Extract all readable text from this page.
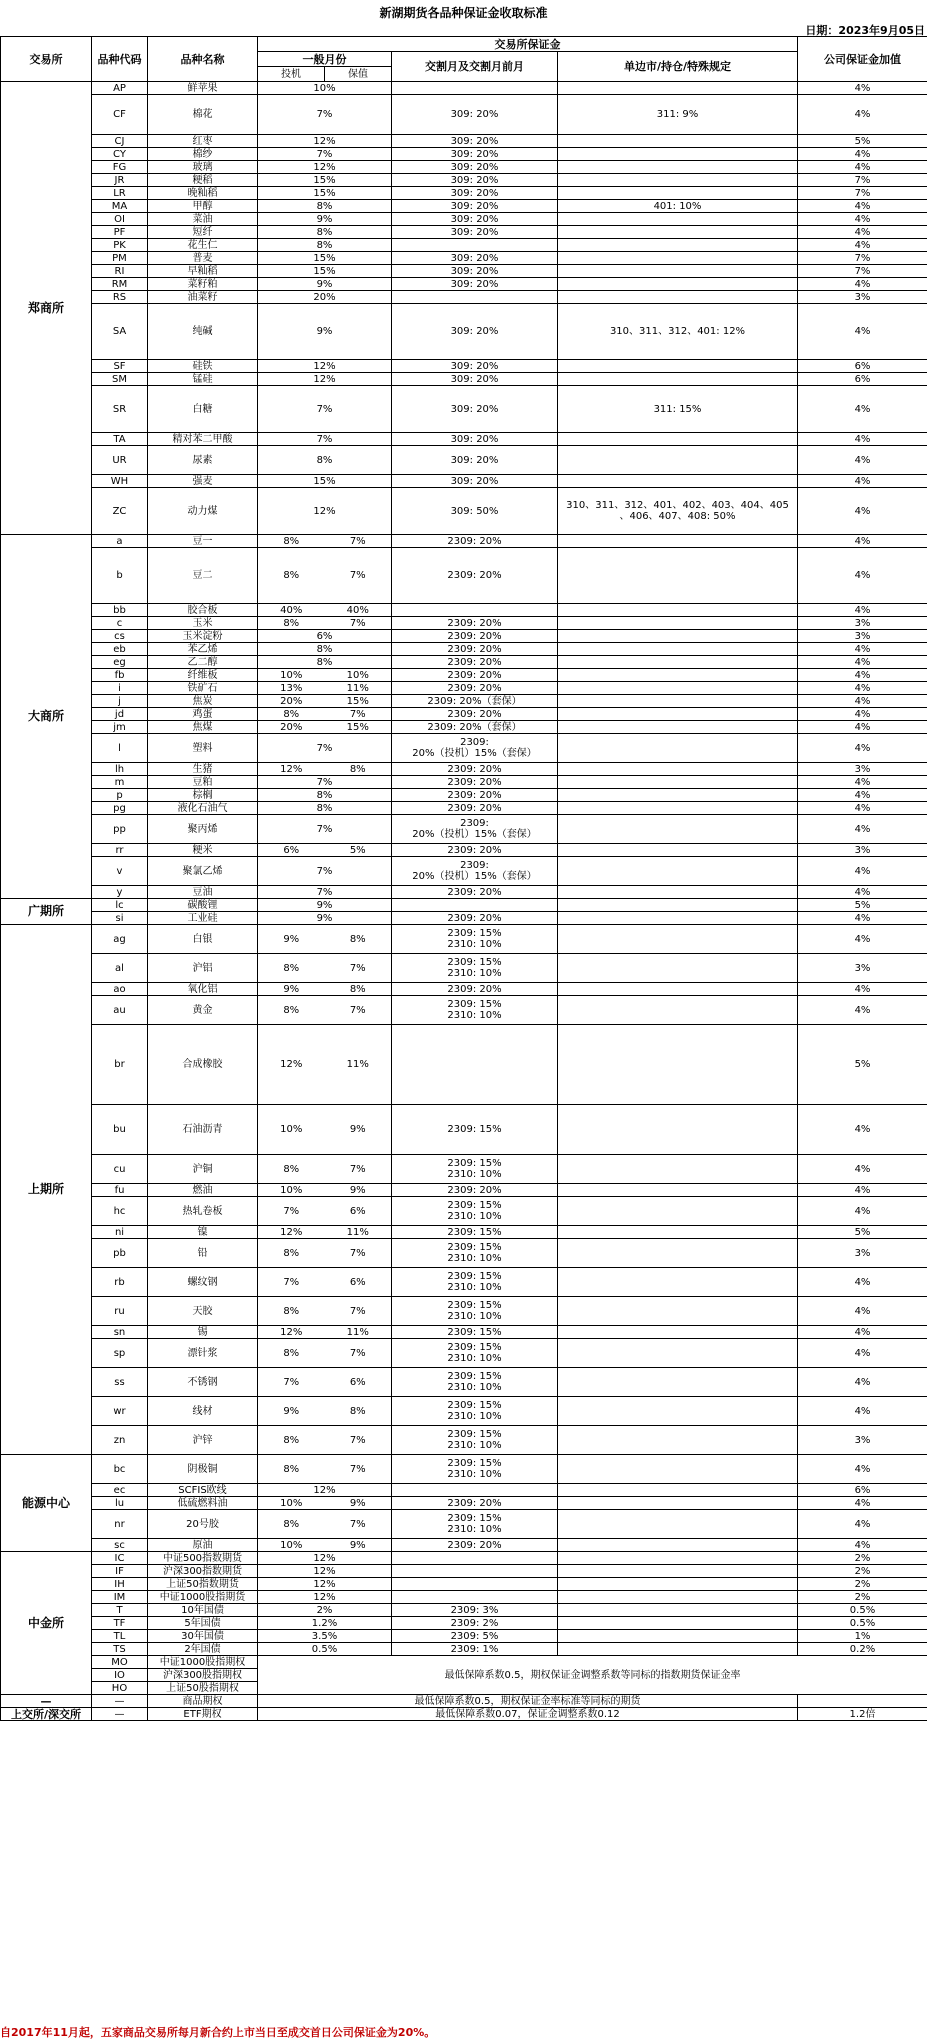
新湖期货各品种保证金收取标准
日期：2023年9月05日
交易所	品种代码	品种名称	交易所保证金				公司保证金加值	
			一般月份		交割月及交割月前月	单边市/持仓/特殊规定		
			投机	保值				
郑商所	AP	鲜苹果	10%				4%	
	CF	棉花	7%		309: 20%	311: 9%	4%	
	CJ	红枣	12%		309: 20%		5%	
	CY	棉纱	7%		309: 20%		4%	
	FG	玻璃	12%		309: 20%		4%	
	JR	粳稻	15%		309: 20%		7%	
	LR	晚籼稻	15%		309: 20%		7%	
	MA	甲醇	8%		309: 20%	401: 10%	4%	
	OI	菜油	9%		309: 20%		4%	
	PF	短纤	8%		309: 20%		4%	
	PK	花生仁	8%				4%	
	PM	普麦	15%		309: 20%		7%	
	RI	早籼稻	15%		309: 20%		7%	
	RM	菜籽粕	9%		309: 20%		4%	
	RS	油菜籽	20%				3%	
	SA	纯碱	9%		309: 20%	310、311、312、401: 12%	4%	
	SF	硅铁	12%		309: 20%		6%	
	SM	锰硅	12%		309: 20%		6%	
	SR	白糖	7%		309: 20%	311: 15%	4%	
	TA	精对苯二甲酸	7%		309: 20%		4%	
	UR	尿素	8%		309: 20%		4%	
	WH	强麦	15%		309: 20%		4%	
	ZC	动力煤	12%		309: 50%	310、311、312、401、402、403、404、405
、406、407、408: 50%	4%	
大商所	a	豆一	8%	7%	2309: 20%		4%	
	b	豆二	8%	7%	2309: 20%		4%	
	bb	胶合板	40%	40%			4%	
	c	玉米	8%	7%	2309: 20%		3%	
	cs	玉米淀粉	6%		2309: 20%		3%	
	eb	苯乙烯	8%		2309: 20%		4%	
	eg	乙二醇	8%		2309: 20%		4%	
	fb	纤维板	10%	10%	2309: 20%		4%	
	i	铁矿石	13%	11%	2309: 20%		4%	
	j	焦炭	20%	15%	2309: 20%（套保）		4%	
	jd	鸡蛋	8%	7%	2309: 20%		4%	
	jm	焦煤	20%	15%	2309: 20%（套保）		4%	
	l	塑料	7%		2309:
20%（投机）15%（套保）		4%	
	lh	生猪	12%	8%	2309: 20%		3%	
	m	豆粕	7%		2309: 20%		4%	
	p	棕榈	8%		2309: 20%		4%	
	pg	液化石油气	8%		2309: 20%		4%	
	pp	聚丙烯	7%		2309:
20%（投机）15%（套保）		4%	
	rr	粳米	6%	5%	2309: 20%		3%	
	v	聚氯乙烯	7%		2309:
20%（投机）15%（套保）		4%	
	y	豆油	7%		2309: 20%		4%	
广期所	lc	碳酸锂	9%				5%	
	si	工业硅	9%		2309: 20%		4%	
上期所	ag	白银	9%	8%	2309: 15%
2310: 10%		4%	
	al	沪铝	8%	7%	2309: 15%
2310: 10%		3%	
	ao	氧化铝	9%	8%	2309: 20%		4%	
	au	黄金	8%	7%	2309: 15%
2310: 10%		4%	
	br	合成橡胶	12%	11%			5%	
	bu	石油沥青	10%	9%	2309: 15%		4%	
	cu	沪铜	8%	7%	2309: 15%
2310: 10%		4%	
	fu	燃油	10%	9%	2309: 20%		4%	
	hc	热轧卷板	7%	6%	2309: 15%
2310: 10%		4%	
	ni	镍	12%	11%	2309: 15%		5%	
	pb	铅	8%	7%	2309: 15%
2310: 10%		3%	
	rb	螺纹钢	7%	6%	2309: 15%
2310: 10%		4%	
	ru	天胶	8%	7%	2309: 15%
2310: 10%		4%	
	sn	锡	12%	11%	2309: 15%		4%	
	sp	漂针浆	8%	7%	2309: 15%
2310: 10%		4%	
	ss	不锈钢	7%	6%	2309: 15%
2310: 10%		4%	
	wr	线材	9%	8%	2309: 15%
2310: 10%		4%	
	zn	沪锌	8%	7%	2309: 15%
2310: 10%		3%	
能源中心	bc	阴极铜	8%	7%	2309: 15%
2310: 10%		4%	
	ec	SCFIS欧线	12%				6%	
	lu	低硫燃料油	10%	9%	2309: 20%		4%	
	nr	20号胶	8%	7%	2309: 15%
2310: 10%		4%	
	sc	原油	10%	9%	2309: 20%		4%	
中金所	IC	中证500指数期货	12%				2%	
	IF	沪深300指数期货	12%				2%	
	IH	上证50指数期货	12%				2%	
	IM	中证1000股指期货	12%				2%	
	T	10年国债	2%		2309: 3%		0.5%	
	TF	5年国债	1.2%		2309: 2%		0.5%	
	TL	30年国债	3.5%		2309: 5%		1%	
	TS	2年国债	0.5%		2309: 1%		0.2%	
	MO	中证1000股指期权	最低保障系数0.5，期权保证金调整系数等同标的指数期货保证金率					
	IO	沪深300股指期权						
	HO	上证50股指期权						
—	—	商品期权	最低保障系数0.5，期权保证金率标准等同标的期货					
上交所/深交所	—	ETF期权	最低保障系数0.07，保证金调整系数0.12				1.2倍	
自2017年11月起，五家商品交易所每月新合约上市当日至成交首日公司保证金为20%。
